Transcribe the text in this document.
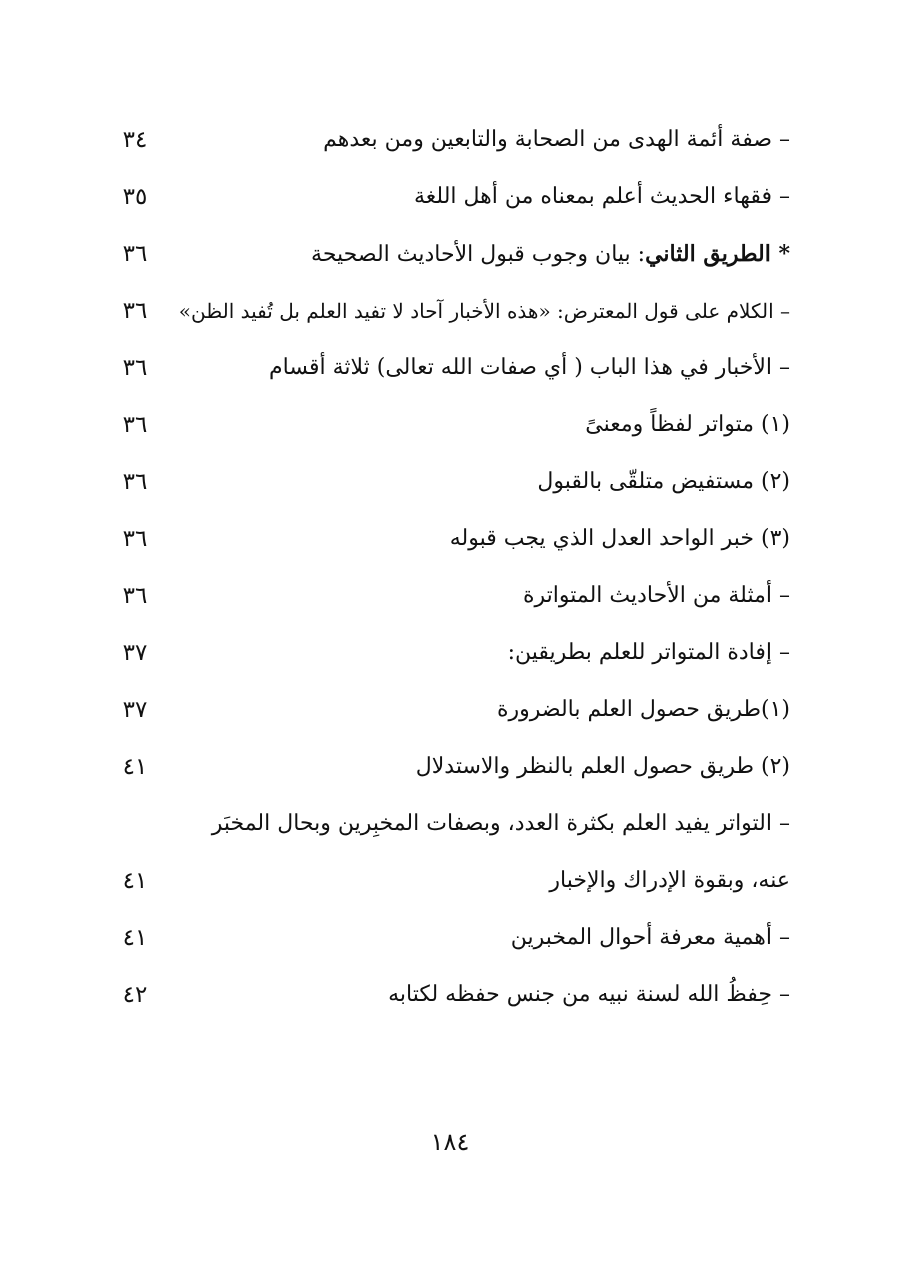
– صفة أئمة الهدى من الصحابة والتابعين ومن بعدهم
٣٤
– فقهاء الحديث أعلم بمعناه من أهل اللغة
٣٥
* الطريق الثاني: بيان وجوب قبول الأحاديث الصحيحة
٣٦
– الكلام على قول المعترض: «هذه الأخبار آحاد لا تفيد العلم بل تُفيد الظن»
٣٦
– الأخبار في هذا الباب ( أي صفات الله تعالى) ثلاثة أقسام
٣٦
(١) متواتر لفظاً ومعنىً
٣٦
(٢) مستفيض متلقّى بالقبول
٣٦
(٣) خبر الواحد العدل الذي يجب قبوله
٣٦
– أمثلة من الأحاديث المتواترة
٣٦
– إفادة المتواتر للعلم بطريقين:
٣٧
(١)طريق حصول العلم بالضرورة
٣٧
(٢) طريق حصول العلم بالنظر والاستدلال
٤١
– التواتر يفيد العلم بكثرة العدد، وبصفات المخبِرين وبحال المخبَر
عنه، وبقوة الإدراك والإخبار
٤١
– أهمية معرفة أحوال المخبرين
٤١
– حِفظُ الله لسنة نبيه من جنس حفظه لكتابه
٤٢
١٨٤
